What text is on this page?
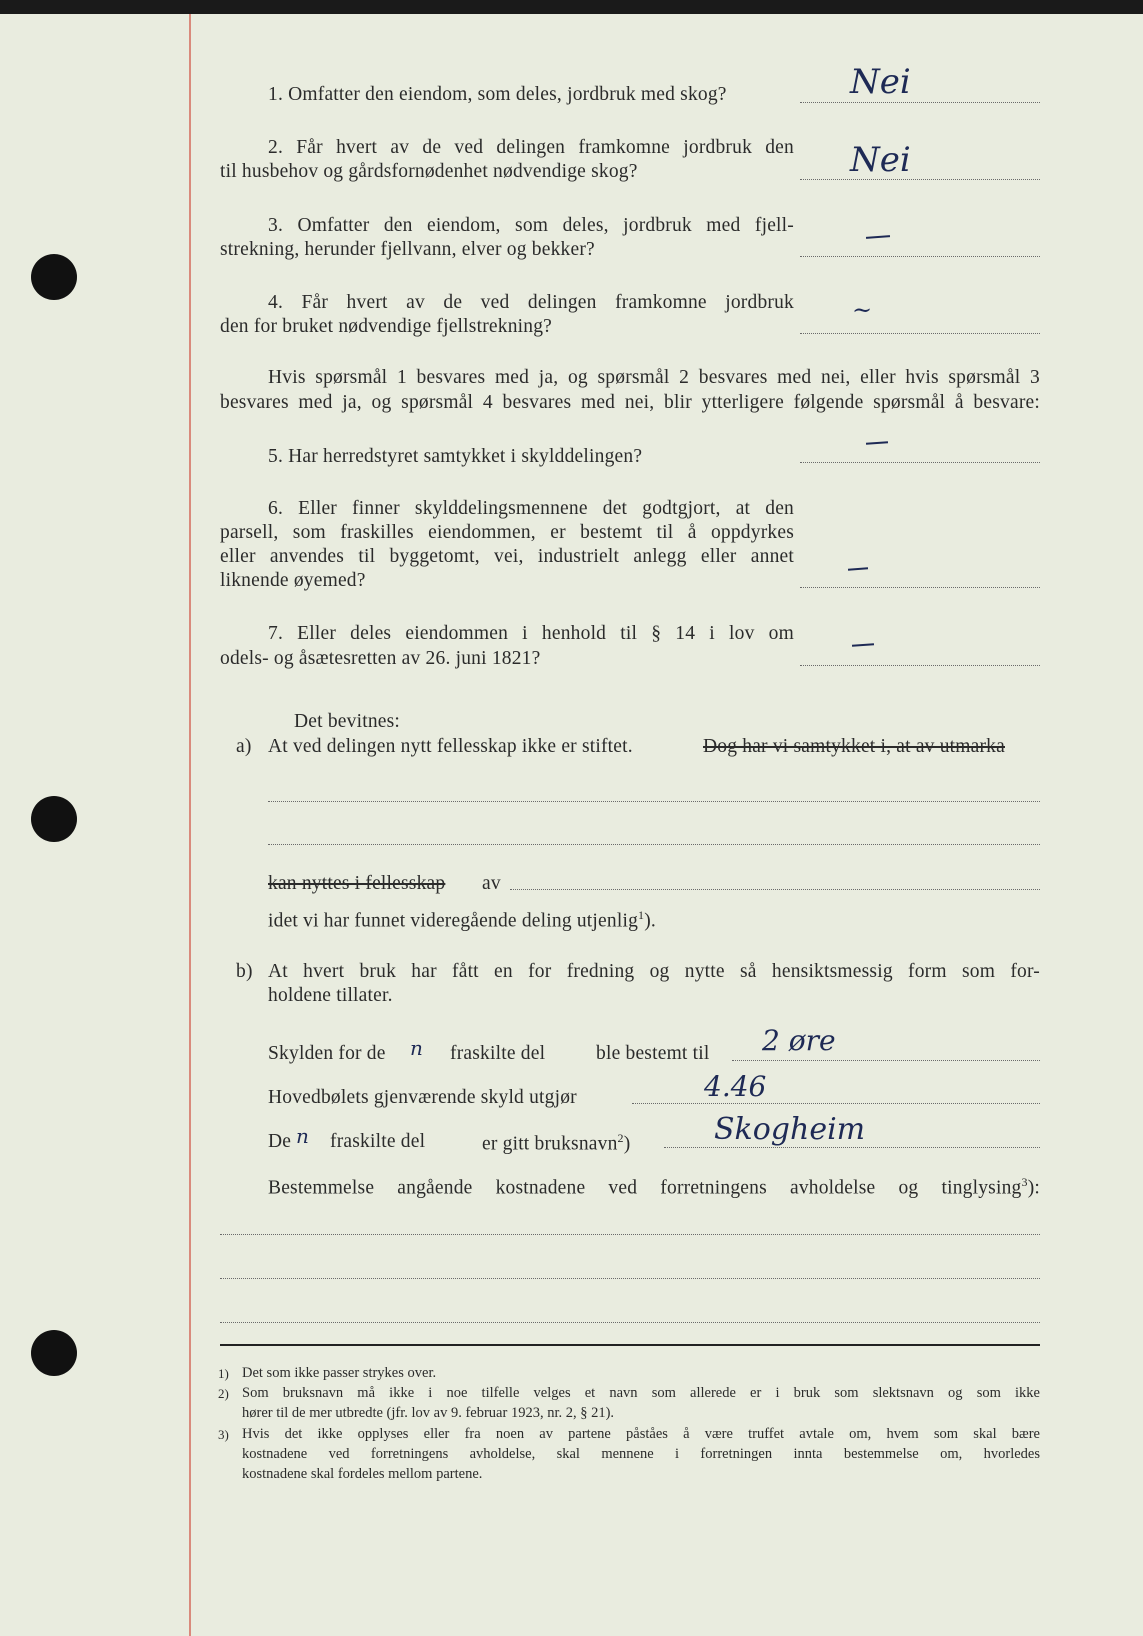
1. Omfatter den eiendom, som deles, jordbruk med skog?	Nei
2. Får hvert av de ved delingen framkomne jordbruk den
til husbehov og gårdsfornødenhet nødvendige skog?	Nei
3. Omfatter den eiendom, som deles, jordbruk med fjell-
strekning, herunder fjellvann, elver og bekker?
4. Får hvert av de ved delingen framkomne jordbruk
den for bruket nødvendige fjellstrekning?
~
Hvis spørsmål 1 besvares med ja, og spørsmål 2 besvares med nei, eller hvis spørsmål 3
besvares med ja, og spørsmål 4 besvares med nei, blir ytterligere følgende spørsmål å besvare:
5. Har herredstyret samtykket i skylddelingen?
6. Eller finner skylddelingsmennene det godtgjort, at den
parsell, som fraskilles eiendommen, er bestemt til å oppdyrkes
eller anvendes til byggetomt, vei, industrielt anlegg eller annet
liknende øyemed?
7. Eller deles eiendommen i henhold til § 14 i lov om
odels- og åsætesretten av 26. juni 1821?
Det bevitnes:
a) At ved delingen nytt fellesskap ikke er stiftet.	Dog har vi samtykket i, at av utmarka
kan nyttes i fellesskap av
idet vi har funnet videregående deling utjenlig$^1$).
b) At hvert bruk har fått en for fredning og nytte så hensiktsmessig form som for-
holdene tillater.
Skylden for de n fraskilte del	ble bestemt til 2 øre
Hovedbølets gjenværende skyld utgjør	4.46
De n fraskilte del	er gitt bruksnavn$^2$)	Skogheim
Bestemmelse angående kostnadene ved forretningens avholdelse og tinglysing$^3$):
1) Det som ikke passer strykes over.
2) Som bruksnavn må ikke i noe tilfelle velges et navn som allerede er i bruk som slektsnavn og som ikke
hører til de mer utbredte (jfr. lov av 9. februar 1923, nr. 2, § 21).
3) Hvis det ikke opplyses eller fra noen av partene påståes å være truffet avtale om, hvem som skal bære
kostnadene ved forretningens avholdelse, skal mennene i forretningen inntа bestemmelse om, hvorledes
kostnadene skal fordeles mellom partene.
